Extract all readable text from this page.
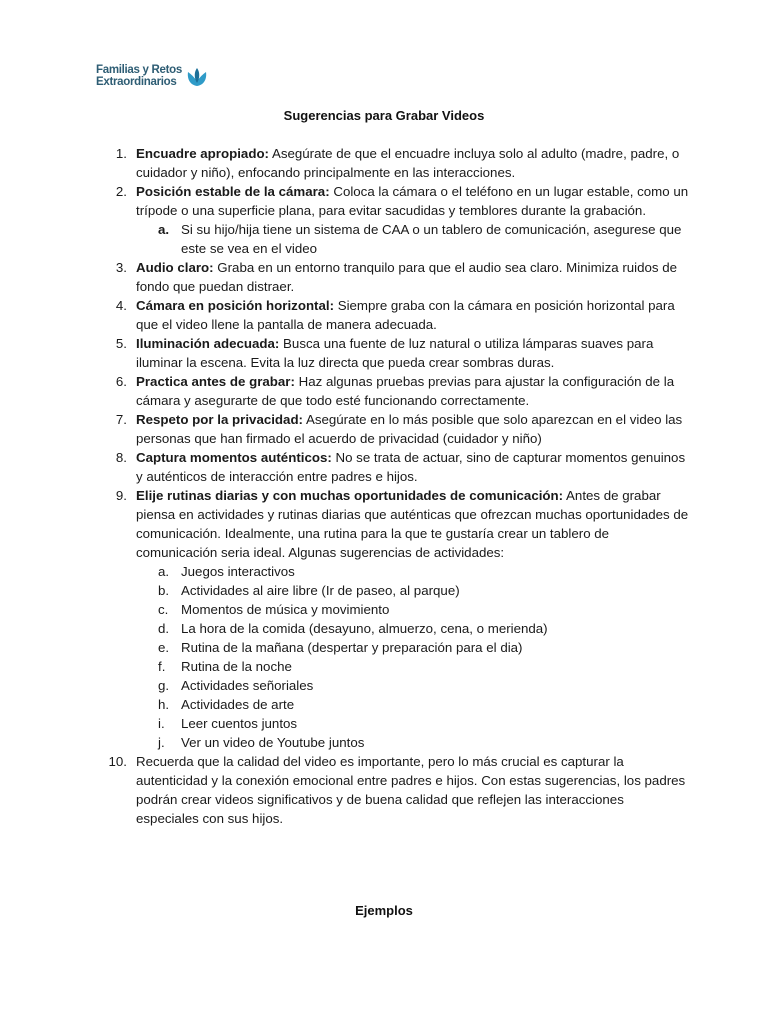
Familias y Retos
Extraordinarios
Sugerencias para Grabar Videos
1. Encuadre apropiado: Asegúrate de que el encuadre incluya solo al adulto (madre, padre, o cuidador y niño), enfocando principalmente en las interacciones.
2. Posición estable de la cámara: Coloca la cámara o el teléfono en un lugar estable, como un trípode o una superficie plana, para evitar sacudidas y temblores durante la grabación.
a. Si su hijo/hija tiene un sistema de CAA o un tablero de comunicación, asegurese que este se vea en el video
3. Audio claro: Graba en un entorno tranquilo para que el audio sea claro. Minimiza ruidos de fondo que puedan distraer.
4. Cámara en posición horizontal: Siempre graba con la cámara en posición horizontal para que el video llene la pantalla de manera adecuada.
5. Iluminación adecuada: Busca una fuente de luz natural o utiliza lámparas suaves para iluminar la escena. Evita la luz directa que pueda crear sombras duras.
6. Practica antes de grabar: Haz algunas pruebas previas para ajustar la configuración de la cámara y asegurarte de que todo esté funcionando correctamente.
7. Respeto por la privacidad: Asegúrate en lo más posible que solo aparezcan en el video las personas que han firmado el acuerdo de privacidad (cuidador y niño)
8. Captura momentos auténticos: No se trata de actuar, sino de capturar momentos genuinos y auténticos de interacción entre padres e hijos.
9. Elije rutinas diarias y con muchas oportunidades de comunicación: Antes de grabar piensa en actividades y rutinas diarias que auténticas que ofrezcan muchas oportunidades de comunicación. Idealmente, una rutina para la que te gustaría crear un tablero de comunicación seria ideal. Algunas sugerencias de actividades:
a. Juegos interactivos
b. Actividades al aire libre (Ir de paseo, al parque)
c. Momentos de música y movimiento
d. La hora de la comida (desayuno, almuerzo, cena, o merienda)
e. Rutina de la mañana (despertar y preparación para el dia)
f. Rutina de la noche
g. Actividades señoriales
h. Actividades de arte
i. Leer cuentos juntos
j. Ver un video de Youtube juntos
10. Recuerda que la calidad del video es importante, pero lo más crucial es capturar la autenticidad y la conexión emocional entre padres e hijos. Con estas sugerencias, los padres podrán crear videos significativos y de buena calidad que reflejen las interacciones especiales con sus hijos.
Ejemplos
